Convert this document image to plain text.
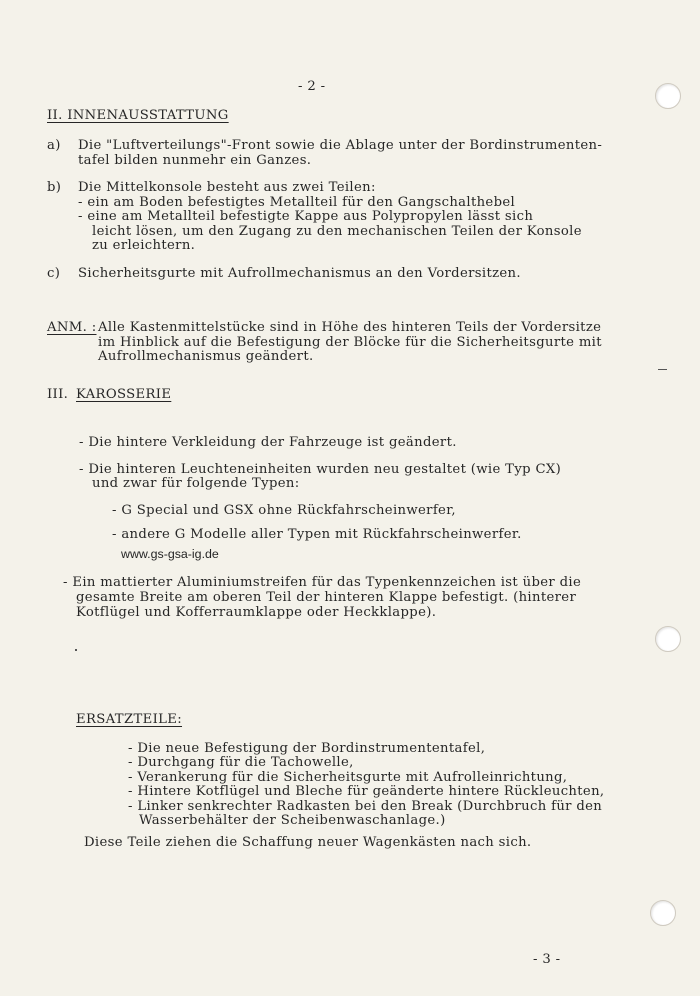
- 2 -
II. INNENAUSSTATTUNG
a) Die "Luftverteilungs"-Front sowie die Ablage unter der Bordinstrumenten-
tafel bilden nunmehr ein Ganzes.
b) Die Mittelkonsole besteht aus zwei Teilen:
- ein am Boden befestigtes Metallteil für den Gangschalthebel
- eine am Metallteil befestigte Kappe aus Polypropylen lässt sich
leicht lösen, um den Zugang zu den mechanischen Teilen der Konsole
zu erleichtern.
c) Sicherheitsgurte mit Aufrollmechanismus an den Vordersitzen.
ANM. : Alle Kastenmittelstücke sind in Höhe des hinteren Teils der Vordersitze
im Hinblick auf die Befestigung der Blöcke für die Sicherheitsgurte mit
Aufrollmechanismus geändert.
III. KAROSSERIE
- Die hintere Verkleidung der Fahrzeuge ist geändert.
- Die hinteren Leuchteneinheiten wurden neu gestaltet (wie Typ CX)
und zwar für folgende Typen:
- G Special und GSX ohne Rückfahrscheinwerfer,
- andere G Modelle aller Typen mit Rückfahrscheinwerfer.
www.gs-gsa-ig.de
- Ein mattierter Aluminiumstreifen für das Typenkennzeichen ist über die
gesamte Breite am oberen Teil der hinteren Klappe befestigt. (hinterer
Kotflügel und Kofferraumklappe oder Heckklappe).
ERSATZTEILE:
- Die neue Befestigung der Bordinstrumententafel,
- Durchgang für die Tachowelle,
- Verankerung für die Sicherheitsgurte mit Aufrolleinrichtung,
- Hintere Kotflügel und Bleche für geänderte hintere Rückleuchten,
- Linker senkrechter Radkasten bei den Break (Durchbruch für den
Wasserbehälter der Scheibenwaschanlage.)
Diese Teile ziehen die Schaffung neuer Wagenkästen nach sich.
- 3 -
